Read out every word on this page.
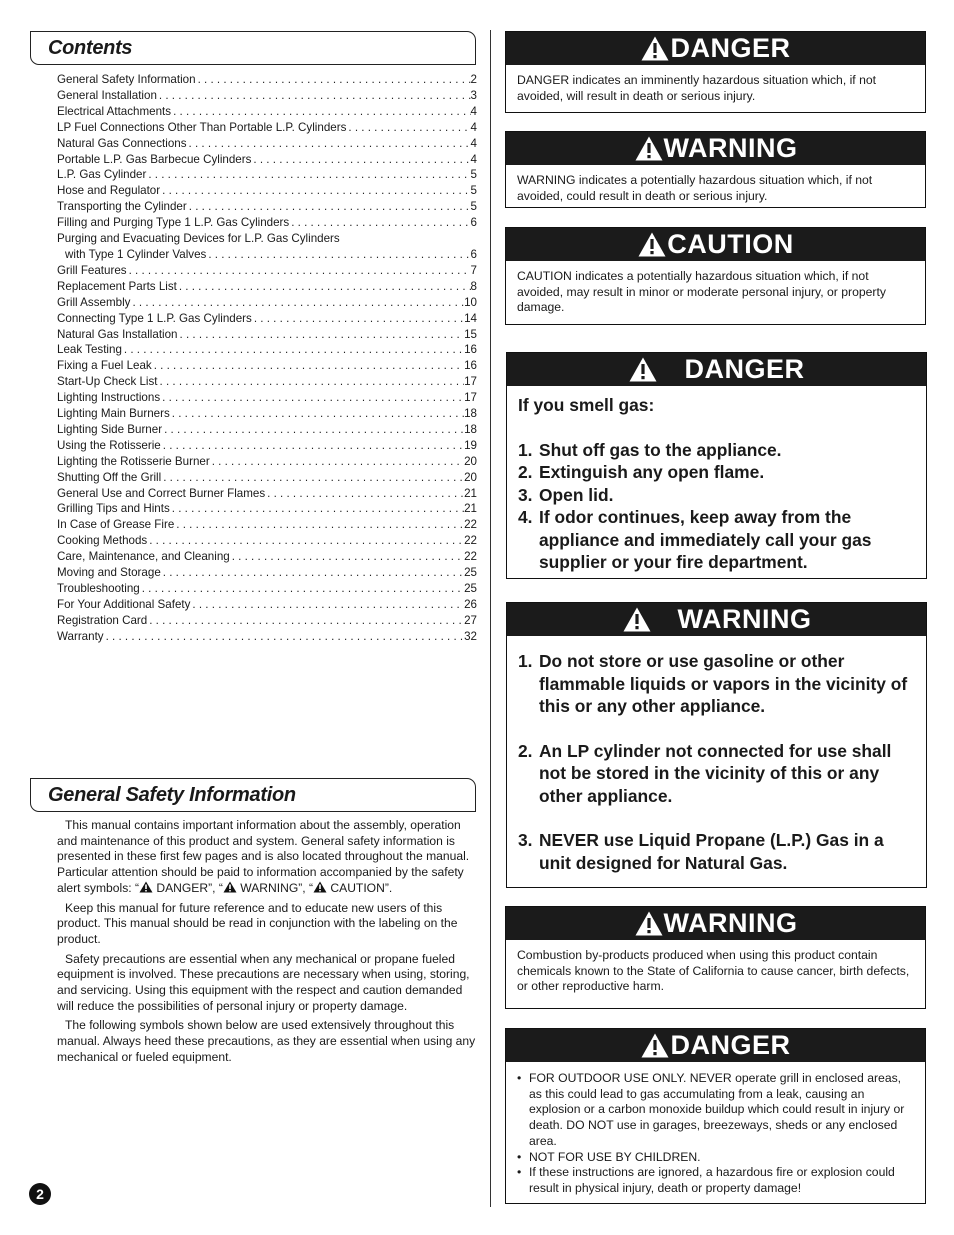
Contents
General Safety Information . . .	2
General Installation . . .	3
Electrical Attachments . . .	4
LP Fuel Connections Other Than Portable L.P. Cylinders . . .	4
Natural Gas Connections . . .	4
Portable L.P. Gas Barbecue Cylinders . . .	4
L.P. Gas Cylinder . . .	5
Hose and Regulator . . .	5
Transporting the Cylinder . . .	5
Filling and Purging Type 1 L.P. Gas Cylinders . . .	6
Purging and Evacuating Devices for L.P. Gas Cylinders
with Type 1 Cylinder Valves . . .	6
Grill Features . . .	7
Replacement Parts List . . .	8
Grill Assembly . . .	10
Connecting Type 1 L.P. Gas Cylinders . . .	14
Natural Gas Installation . . .	15
Leak Testing . . .	16
Fixing a Fuel Leak . . .	16
Start-Up Check List . . .	17
Lighting Instructions . . .	17
Lighting Main Burners . . .	18
Lighting Side Burner . . .	18
Using the Rotisserie . . .	19
Lighting the Rotisserie Burner . . .	20
Shutting Off the Grill . . .	20
General Use and Correct Burner Flames . . .	21
Grilling Tips and Hints . . .	21
In Case of Grease Fire . . .	22
Cooking Methods . . .	22
Care, Maintenance, and Cleaning . . .	22
Moving and Storage . . .	25
Troubleshooting . . .	25
For Your Additional Safety . . .	26
Registration Card . . .	27
Warranty . . .	32
General Safety Information

This manual contains important information about the assembly, operation and maintenance of this product and system. General safety information is presented in these first few pages and is also located throughout the manual. Particular attention should be paid to information accompanied by the safety alert symbols: “ DANGER”, “ WARNING”, “ CAUTION”.

Keep this manual for future reference and to educate new users of this product. This manual should be read in conjunction with the labeling on the product.

Safety precautions are essential when any mechanical or propane fueled equipment is involved. These precautions are necessary when using, storing, and servicing. Using this equipment with the respect and caution demanded will reduce the possibilities of personal injury or property damage.

The following symbols shown below are used extensively throughout this manual. Always heed these precautions, as they are essential when using any mechanical or fueled equipment.

2
DANGER
DANGER indicates an imminently hazardous situation which, if not avoided, will result in death or serious injury.
WARNING
WARNING indicates a potentially hazardous situation which, if not avoided, could result in death or serious injury.
CAUTION
CAUTION indicates a potentially hazardous situation which, if not avoided, may result in minor or moderate personal injury, or property damage.
DANGER
If you smell gas:
1. Shut off gas to the appliance.
2. Extinguish any open flame.
3. Open lid.
4. If odor continues, keep away from the appliance and immediately call your gas supplier or your fire department.
WARNING
1. Do not store or use gasoline or other flammable liquids or vapors in the vicinity of this or any other appliance.
2. An LP cylinder not connected for use shall not be stored in the vicinity of this or any other appliance.
3. NEVER use Liquid Propane (L.P.) Gas in a unit designed for Natural Gas.
WARNING
Combustion by-products produced when using this product contain chemicals known to the State of California to cause cancer, birth defects, or other reproductive harm.
DANGER
• FOR OUTDOOR USE ONLY. NEVER operate grill in enclosed areas, as this could lead to gas accumulating from a leak, causing an explosion or a carbon monoxide buildup which could result in injury or death. DO NOT use in garages, breezeways, sheds or any enclosed area.
• NOT FOR USE BY CHILDREN.
• If these instructions are ignored, a hazardous fire or explosion could result in physical injury, death or property damage!
